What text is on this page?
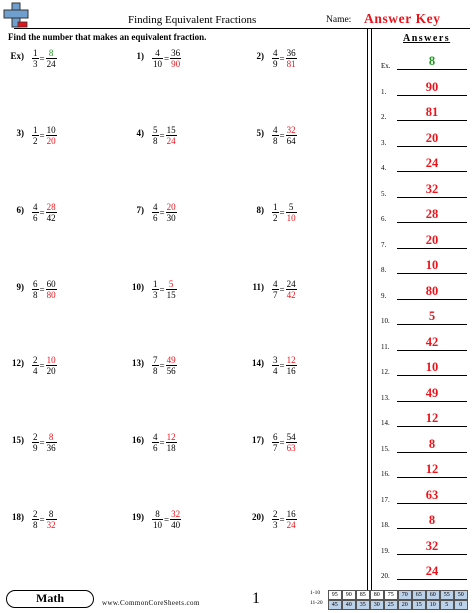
Finding Equivalent Fractions	Name: Answer Key
Find the number that makes an equivalent fraction.
$Ex) \frac{1}{3} = \frac{8}{24}$	$1) \frac{4}{10} = \frac{36}{90}$	$2) \frac{4}{9} = \frac{36}{81}$
$3) \frac{1}{2} = \frac{10}{20}$	$4) \frac{5}{8} = \frac{15}{24}$	$5) \frac{4}{8} = \frac{32}{64}$
$6) \frac{4}{6} = \frac{28}{42}$	$7) \frac{4}{6} = \frac{20}{30}$	$8) \frac{1}{2} = \frac{5}{10}$
$9) \frac{6}{8} = \frac{60}{80}$	$10) \frac{1}{3} = \frac{5}{15}$	$11) \frac{4}{7} = \frac{24}{42}$
$12) \frac{2}{4} = \frac{10}{20}$	$13) \frac{7}{8} = \frac{49}{56}$	$14) \frac{3}{4} = \frac{12}{16}$
$15) \frac{2}{9} = \frac{8}{36}$	$16) \frac{4}{6} = \frac{12}{18}$	$17) \frac{6}{7} = \frac{54}{63}$
$18) \frac{2}{8} = \frac{8}{32}$	$19) \frac{8}{10} = \frac{32}{40}$	$20) \frac{2}{3} = \frac{16}{24}$
Answers
Ex.	8
1.	90
2.	81
3.	20
4.	24
5.	32
6.	28
7.	20
8.	10
9.	80
10.	5
11.	42
12.	10
13.	49
14.	12
15.	8
16.	12
17.	63
18.	8
19.	32
20.	24
Math	www.CommonCoreSheets.com	1	1-10
11-20
95	90	85	80	75	70	65	60	55	50
45	40	35	30	25	20	15	10	5	0
